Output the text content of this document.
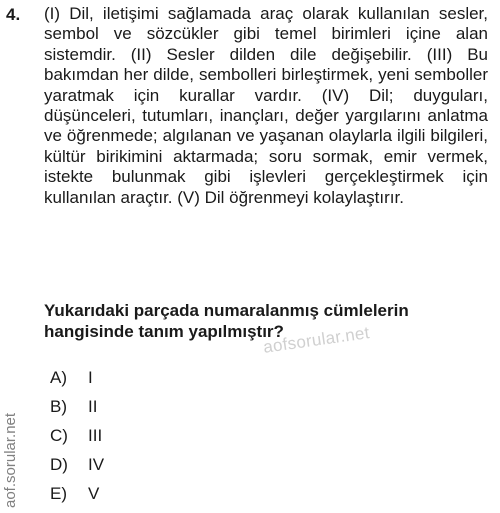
4. (I) Dil, iletişimi sağlamada araç olarak kullanılan sesler, sembol ve sözcükler gibi temel birimleri içine alan sistemdir. (II) Sesler dilden dile değişebilir. (III) Bu bakımdan her dilde, sembolleri birleştirmek, yeni semboller yaratmak için kurallar vardır. (IV) Dil; duyguları, düşünceleri, tutumları, inançları, değer yargılarını anlatma ve öğrenmede; algılanan ve yaşanan olaylarla ilgili bilgileri, kültür birikimini aktarmada; soru sormak, emir vermek, istekte bulunmak gibi işlevleri gerçekleştirmek için kullanılan araçtır. (V) Dil öğrenmeyi kolaylaştırır.

Yukarıdaki parçada numaralanmış cümlelerin hangisinde tanım yapılmıştır?

aofsorular.net
A)	I
B)	II
C)	III
D)	IV
E)	V
aof.sorular.net
